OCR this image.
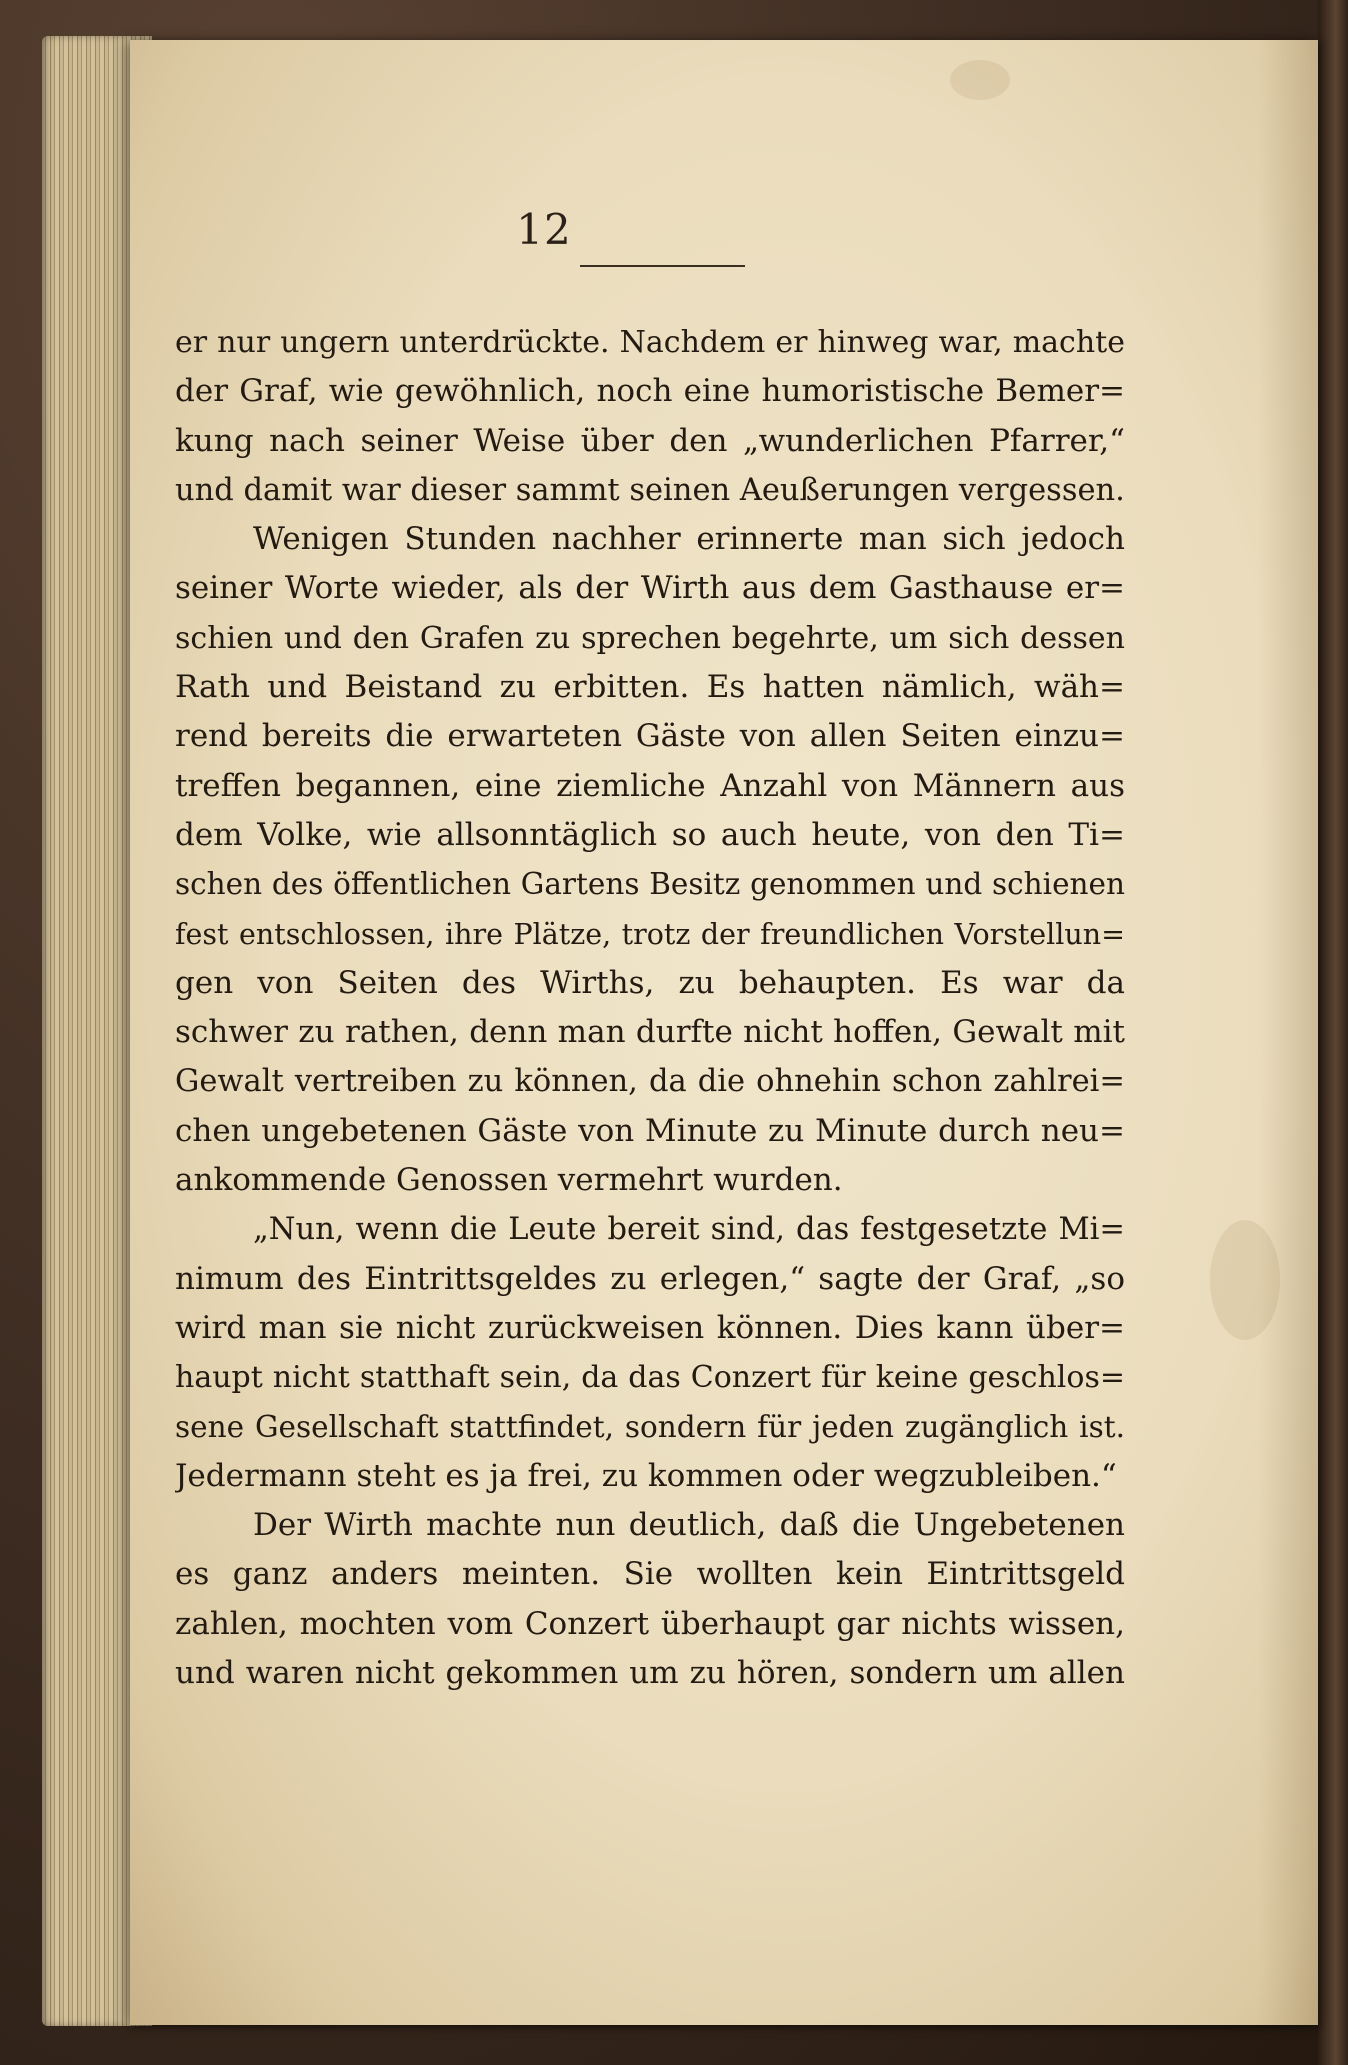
12
er nur ungern unterdrückte. Nachdem er hinweg war, machte
der Graf, wie gewöhnlich, noch eine humoristische Bemer=
kung nach seiner Weise über den „wunderlichen Pfarrer,“
und damit war dieser sammt seinen Aeußerungen vergessen.
Wenigen Stunden nachher erinnerte man sich jedoch
seiner Worte wieder, als der Wirth aus dem Gasthause er=
schien und den Grafen zu sprechen begehrte, um sich dessen
Rath und Beistand zu erbitten. Es hatten nämlich, wäh=
rend bereits die erwarteten Gäste von allen Seiten einzu=
treffen begannen, eine ziemliche Anzahl von Männern aus
dem Volke, wie allsonntäglich so auch heute, von den Ti=
schen des öffentlichen Gartens Besitz genommen und schienen
fest entschlossen, ihre Plätze, trotz der freundlichen Vorstellun=
gen von Seiten des Wirths, zu behaupten. Es war da
schwer zu rathen, denn man durfte nicht hoffen, Gewalt mit
Gewalt vertreiben zu können, da die ohnehin schon zahlrei=
chen ungebetenen Gäste von Minute zu Minute durch neu=
ankommende Genossen vermehrt wurden.
„Nun, wenn die Leute bereit sind, das festgesetzte Mi=
nimum des Eintrittsgeldes zu erlegen,“ sagte der Graf, „so
wird man sie nicht zurückweisen können. Dies kann über=
haupt nicht statthaft sein, da das Conzert für keine geschlos=
sene Gesellschaft stattfindet, sondern für jeden zugänglich ist.
Jedermann steht es ja frei, zu kommen oder wegzubleiben.“
Der Wirth machte nun deutlich, daß die Ungebetenen
es ganz anders meinten. Sie wollten kein Eintrittsgeld
zahlen, mochten vom Conzert überhaupt gar nichts wissen,
und waren nicht gekommen um zu hören, sondern um allen
